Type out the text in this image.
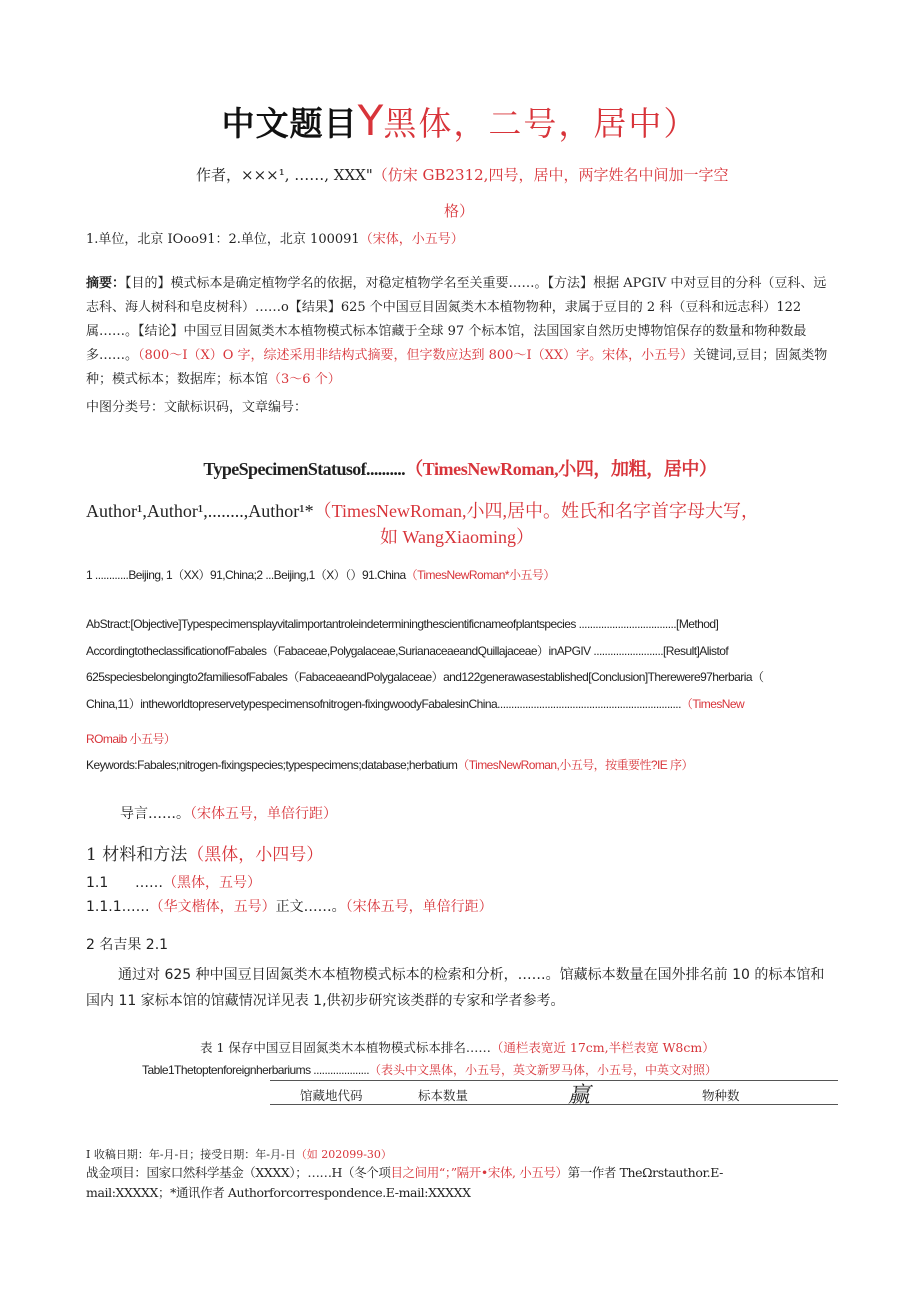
中文题目Y黑体，二号，居中）
作者，×××¹, ……, XXX"（仿宋 GB2312,四号，居中，两字姓名中间加一字空
格）
1.单位，北京 IOoo91：2.单位，北京 100091（宋体，小五号）
摘要：【目的】模式标本是确定植物学名的依据，对稳定植物学名至关重要……。【方法】根据 APGIV 中对豆目的分科（豆科、远志科、海人树科和皂皮树科）……o【结果】625 个中国豆目固氮类木本植物物种，隶属于豆目的 2 科（豆科和远志科）122 属……。【结论】中国豆目固氮类木本植物模式标本馆藏于全球 97 个标本馆，法国国家自然历史博物馆保存的数量和物种数最多……。（800～I（X）O 字，综述采用非结构式摘要，但字数应达到 800～I（XX）字。宋体，小五号）关键词,豆目；固氮类物种；模式标本；数据库；标本馆（3～6 个）
中图分类号：文献标识码，文章编号：
TypeSpecimenStatusof..........（TimesNewRoman,小四，加粗，居中）
Author¹,Author¹,........,Author¹*（TimesNewRoman,小四,居中。姓氏和名字首字母大写，
如 WangXiaoming）
1 ............Beijing, 1（XX）91,China;2 ...Beijing,1（X）（）91.China（TimesNewRoman*小五号）
AbStract:[Objective]Typespecimensplayvitalimportantroleindeterminingthescientificnameofplantspecies ...................................[Method]
AccordingtotheclassificationofFabales（Fabaceae,Polygalaceae,SurianaceaeandQuillajaceae）inAPGIV .........................[Result]Alistof
625speciesbelongingto2familiesofFabales（FabaceaeandPolygalaceae）and122generawasestablished[Conclusion]Therewere97herbaria（
China,11）intheworldtopreservetypespecimensofnitrogen-fixingwoodyFabalesinChina..................................................................（TimesNew
ROmaib 小五号）
Keywords:Fabales;nitrogen-fixingspecies;typespecimens;database;herbatium（TimesNewRoman,小五号，按重要性?IE 序）
导言……。（宋体五号，单倍行距）
1 材料和方法（黑体，小四号）
1.1      ……（黑体，五号）
1.1.1……（华文楷体，五号）正文……。（宋体五号，单倍行距）
2 名吉果 2.1
通过对 625 种中国豆目固氮类木本植物模式标本的检索和分析，……。馆藏标本数量在国外排名前 10 的标本馆和国内 11 家标本馆的馆藏情况详见表 1,供初步研究该类群的专家和学者参考。
表 1 保存中国豆目固氮类木本植物模式标本排名……（通栏表宽近 17cm,半栏表宽 W8cm）
Table1Thetoptenforeignherbariums ....................（表头中文黑体，小五号，英文新罗马体，小五号，中英文对照）
馆藏地代码	标本数量	赢	物种数
I 收稿日期：年-月-日；接受日期：年-月-日（如 202099-30）
战金项目：国家口然科学基金（XXXX）；……H（冬个项目之间用“；”隔开•宋体, 小五号）第一作者 TheΩrstauthor.E-
mail:XXXXX；*通讯作者 Authorforcorrespondence.E-mail:XXXXX
